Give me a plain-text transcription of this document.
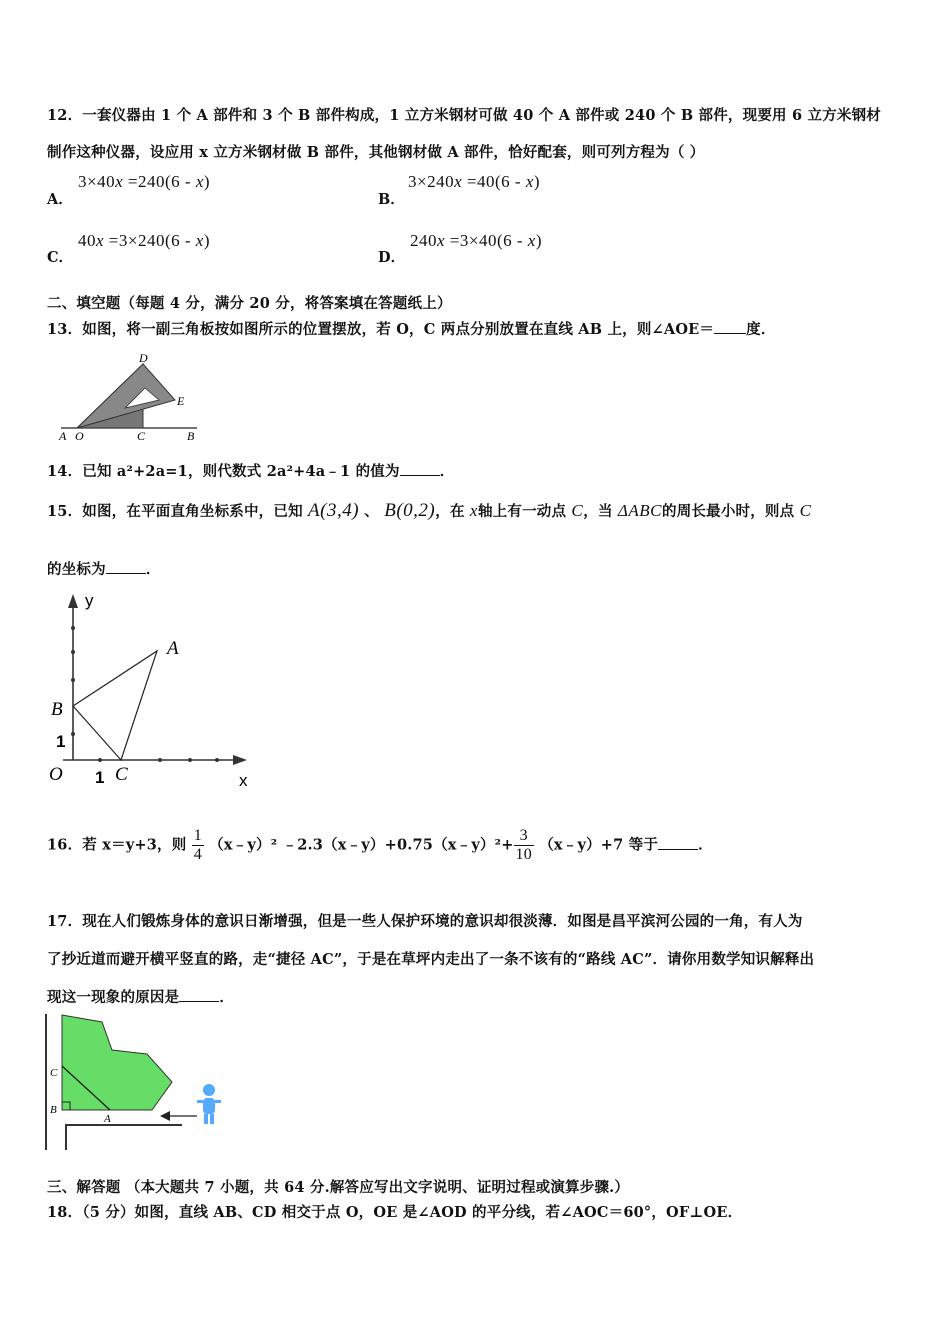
12．一套仪器由 1 个 A 部件和 3 个 B 部件构成，1 立方米钢材可做 40 个 A 部件或 240 个 B 部件，现要用 6 立方米钢材
制作这种仪器，设应用 x 立方米钢材做 B 部件，其他钢材做 A 部件，恰好配套，则可列方程为（ ）
A．
3×40x =240(6 - x)
B．
3×240x =40(6 - x)
C．
40x =3×240(6 - x)
D．
240x =3×40(6 - x)
二、填空题（每题 4 分，满分 20 分，将答案填在答题纸上）
13．如图，将一副三角板按如图所示的位置摆放，若 O，C 两点分别放置在直线 AB 上，则∠AOE＝ 度．
D
E
A O	C	B
14．已知 a²+2a=1，则代数式 2a²+4a﹣1 的值为	．
15．如图，在平面直角坐标系中，已知 A(3,4) 、 B(0,2)，在 x轴上有一动点 C，当 ΔABC的周长最小时，则点 C
的坐标为	．
y
x
A
B
C
O 1
1
16．若 x＝y+3，则 $\frac{1}{4}$ （x﹣y）² ﹣2.3（x﹣y）+0.75（x﹣y）²+ $\frac{3}{10}$ （x﹣y）+7 等于	．
17．现在人们锻炼身体的意识日渐增强，但是一些人保护环境的意识却很淡薄．如图是昌平滨河公园的一角，有人为
了抄近道而避开横平竖直的路，走“捷径 AC”，于是在草坪内走出了一条不该有的“路线 AC”．请你用数学知识解释出
现这一现象的原因是	．
C
B
A
三、解答题 （本大题共 7 小题，共 64 分.解答应写出文字说明、证明过程或演算步骤.）
18．（5 分）如图，直线 AB、CD 相交于点 O，OE 是∠AOD 的平分线，若∠AOC＝60°，OF⊥OE．
